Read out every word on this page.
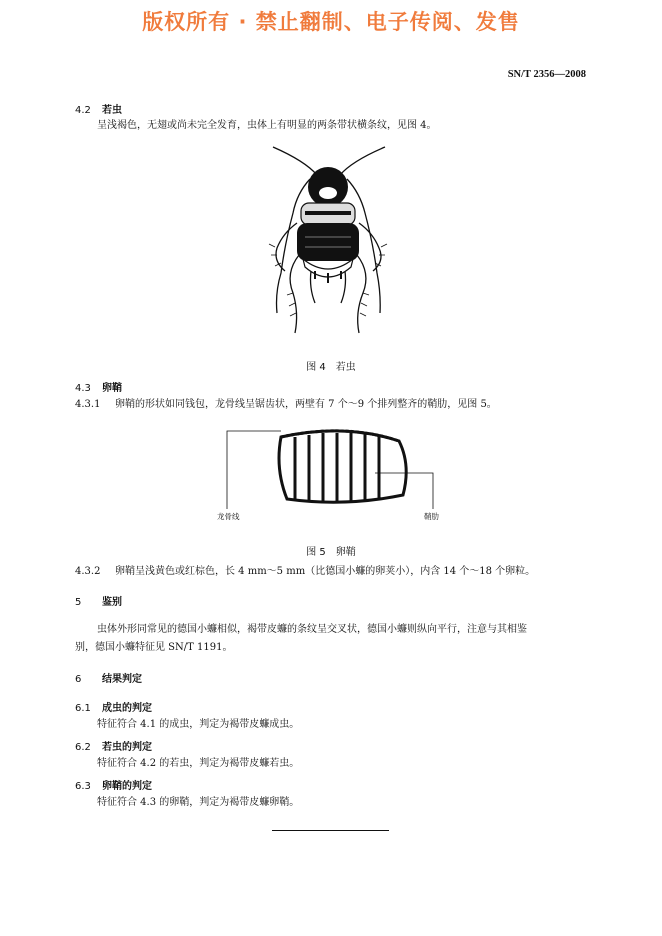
版权所有 · 禁止翻制、电子传阅、发售
SN/T 2356—2008
4.2 若虫
呈浅褐色，无翅或尚未完全发育，虫体上有明显的两条带状横条纹，见图 4。
图 4　若虫
4.3 卵鞘
4.3.1 卵鞘的形状如同钱包，龙骨线呈锯齿状，两壁有 7 个～9 个排列整齐的鞘肋，见图 5。
龙骨线	鞘肋
图 5　卵鞘
4.3.2 卵鞘呈浅黄色或红棕色，长 4 mm～5 mm（比德国小蠊的卵荚小），内含 14 个～18 个卵粒。
5 鉴别
虫体外形同常见的德国小蠊相似，褐带皮蠊的条纹呈交叉状，德国小蠊则纵向平行，注意与其相鉴
别，德国小蠊特征见 SN/T 1191。
6 结果判定
6.1 成虫的判定
特征符合 4.1 的成虫，判定为褐带皮蠊成虫。
6.2 若虫的判定
特征符合 4.2 的若虫，判定为褐带皮蠊若虫。
6.3 卵鞘的判定
特征符合 4.3 的卵鞘，判定为褐带皮蠊卵鞘。
